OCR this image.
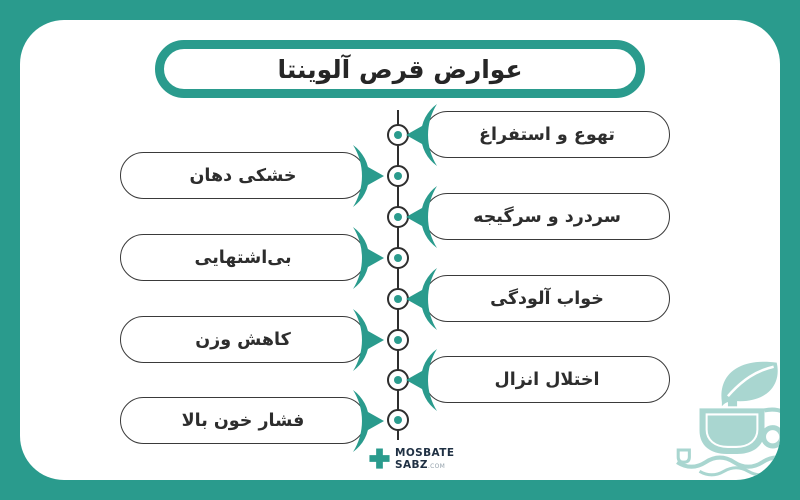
عوارض قرص آلوینتا
تهوع و استفراغ
خشکی دهان
سردرد و سرگیجه
بی‌اشتهایی
خواب آلودگی
کاهش وزن
اختلال انزال
فشار خون بالا
MOSBATE
SABZ.COM
